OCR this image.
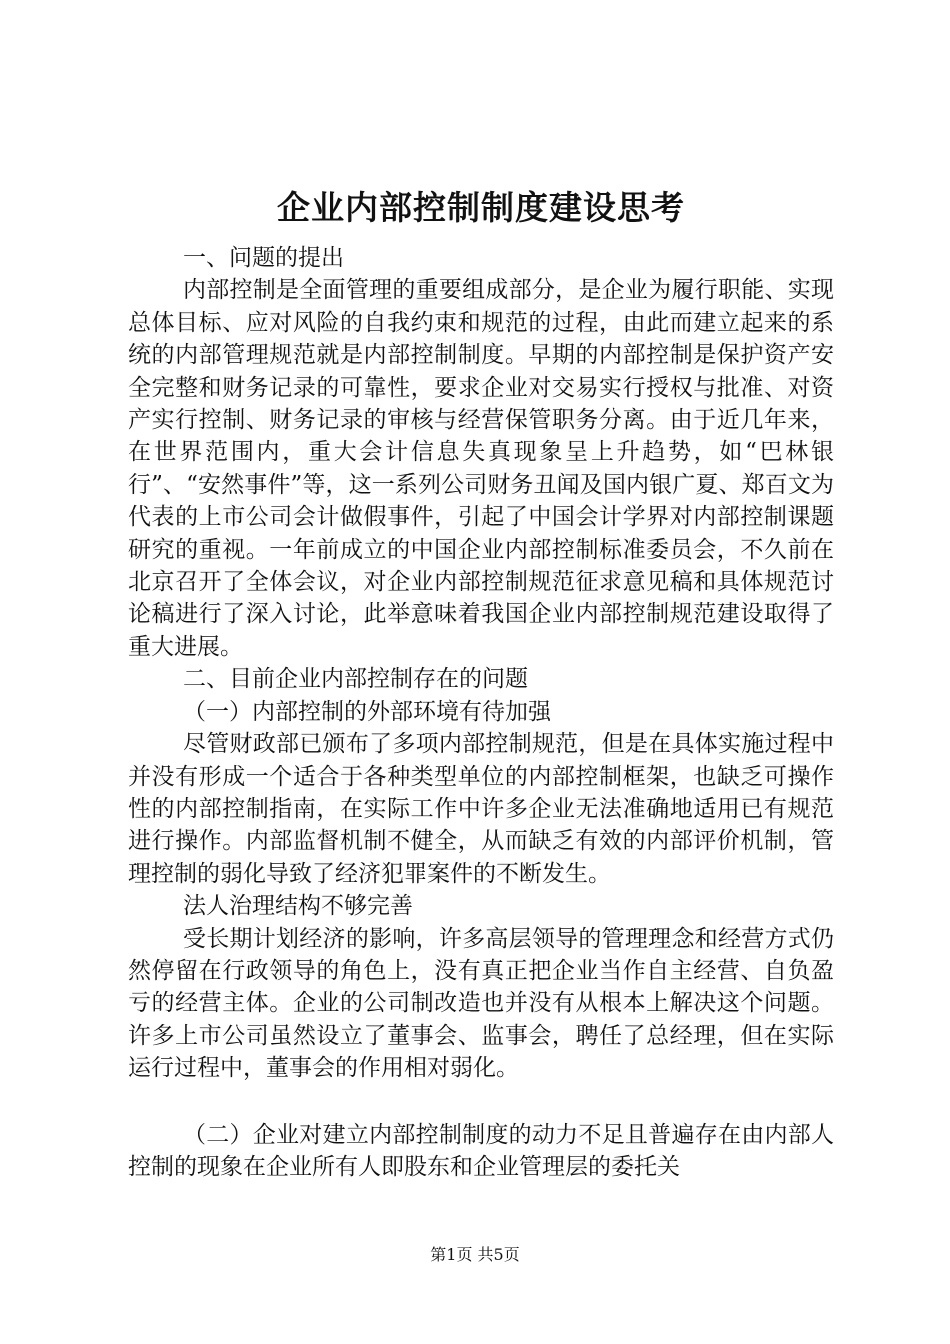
企业内部控制制度建设思考

一、问题的提出

内部控制是全面管理的重要组成部分，是企业为履行职能、实现总体目标、应对风险的自我约束和规范的过程，由此而建立起来的系统的内部管理规范就是内部控制制度。早期的内部控制是保护资产安全完整和财务记录的可靠性，要求企业对交易实行授权与批准、对资产实行控制、财务记录的审核与经营保管职务分离。由于近几年来，在世界范围内，重大会计信息失真现象呈上升趋势，如“巴林银行”、“安然事件”等，这一系列公司财务丑闻及国内银广夏、郑百文为代表的上市公司会计做假事件，引起了中国会计学界对内部控制课题研究的重视。一年前成立的中国企业内部控制标准委员会，不久前在北京召开了全体会议，对企业内部控制规范征求意见稿和具体规范讨论稿进行了深入讨论，此举意味着我国企业内部控制规范建设取得了重大进展。

二、目前企业内部控制存在的问题

（一）内部控制的外部环境有待加强

尽管财政部已颁布了多项内部控制规范，但是在具体实施过程中并没有形成一个适合于各种类型单位的内部控制框架，也缺乏可操作性的内部控制指南，在实际工作中许多企业无法准确地适用已有规范进行操作。内部监督机制不健全，从而缺乏有效的内部评价机制，管理控制的弱化导致了经济犯罪案件的不断发生。

法人治理结构不够完善

受长期计划经济的影响，许多高层领导的管理理念和经营方式仍然停留在行政领导的角色上，没有真正把企业当作自主经营、自负盈亏的经营主体。企业的公司制改造也并没有从根本上解决这个问题。许多上市公司虽然设立了董事会、监事会，聘任了总经理，但在实际运行过程中，董事会的作用相对弱化。

（二）企业对建立内部控制制度的动力不足且普遍存在由内部人控制的现象在企业所有人即股东和企业管理层的委托关

第1页 共5页
